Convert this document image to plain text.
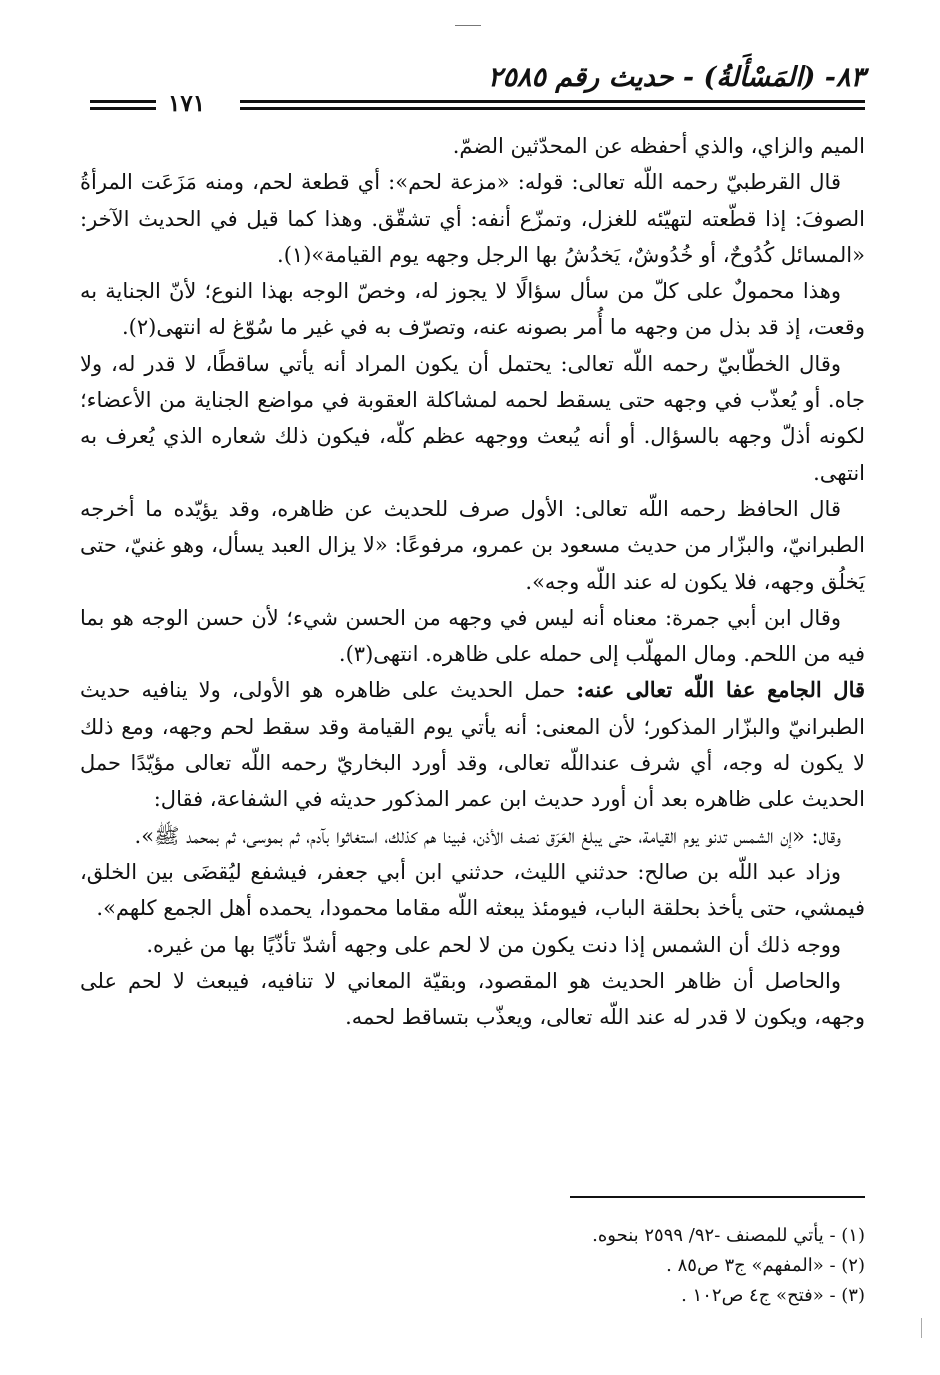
٨٣- (المَسْأَلةُ) - حديث رقم ٢٥٨٥
١٧١

الميم والزاي، والذي أحفظه عن المحدّثين الضمّ.

قال القرطبيّ رحمه اللّه تعالى: قوله: «مزعة لحم»: أي قطعة لحم، ومنه مَزَعَت المرأةُ الصوفَ: إذا قطّعته لتهيّئه للغزل، وتمزّع أنفه: أي تشقّق. وهذا كما قيل في الحديث الآخر: «المسائل كُدُوحٌ، أو خُدُوشٌ، يَخدُشُ بها الرجل وجهه يوم القيامة»(١).

وهذا محمولٌ على كلّ من سأل سؤالًا لا يجوز له، وخصّ الوجه بهذا النوع؛ لأنّ الجناية به وقعت، إذ قد بذل من وجهه ما أُمر بصونه عنه، وتصرّف به في غير ما سُوّغ له انتهى(٢).

وقال الخطّابيّ رحمه اللّه تعالى: يحتمل أن يكون المراد أنه يأتي ساقطًا، لا قدر له، ولا جاه. أو يُعذّب في وجهه حتى يسقط لحمه لمشاكلة العقوبة في مواضع الجناية من الأعضاء؛ لكونه أذلّ وجهه بالسؤال. أو أنه يُبعث ووجهه عظم كلّه، فيكون ذلك شعاره الذي يُعرف به انتهى.

قال الحافظ رحمه اللّه تعالى: الأول صرف للحديث عن ظاهره، وقد يؤيّده ما أخرجه الطبرانيّ، والبزّار من حديث مسعود بن عمرو، مرفوعًا: «لا يزال العبد يسأل، وهو غنيّ، حتى يَخلُق وجهه، فلا يكون له عند اللّه وجه».

وقال ابن أبي جمرة: معناه أنه ليس في وجهه من الحسن شيء؛ لأن حسن الوجه هو بما فيه من اللحم. ومال المهلّب إلى حمله على ظاهره. انتهى(٣).

قال الجامع عفا اللّه تعالى عنه: حمل الحديث على ظاهره هو الأولى، ولا ينافيه حديث الطبرانيّ والبزّار المذكور؛ لأن المعنى: أنه يأتي يوم القيامة وقد سقط لحم وجهه، ومع ذلك لا يكون له وجه، أي شرف عنداللّه تعالى، وقد أورد البخاريّ رحمه اللّه تعالى مؤيّدًا حمل الحديث على ظاهره بعد أن أورد حديث ابن عمر المذكور حديثه في الشفاعة، فقال:

وقال: «إن الشمس تدنو يوم القيامة، حتى يبلغ العَرَق نصف الأذن، فبينا هم كذلك، استغاثوا بآدم، ثم بموسى، ثم بمحمد ﷺ».

وزاد عبد اللّه بن صالح: حدثني الليث، حدثني ابن أبي جعفر، فيشفع ليُقضَى بين الخلق، فيمشي، حتى يأخذ بحلقة الباب، فيومئذ يبعثه اللّه مقاما محمودا، يحمده أهل الجمع كلهم».

ووجه ذلك أن الشمس إذا دنت يكون من لا لحم على وجهه أشدّ تأذّيًا بها من غيره.

والحاصل أن ظاهر الحديث هو المقصود، وبقيّة المعاني لا تنافيه، فيبعث لا لحم على وجهه، ويكون لا قدر له عند اللّه تعالى، ويعذّب بتساقط لحمه.

(١) - يأتي للمصنف -٩٢/ ٢٥٩٩ بنحوه.

(٢) - «المفهم» ج٣ ص٨٥ .

(٣) - «فتح» ج٤ ص١٠٢ .
